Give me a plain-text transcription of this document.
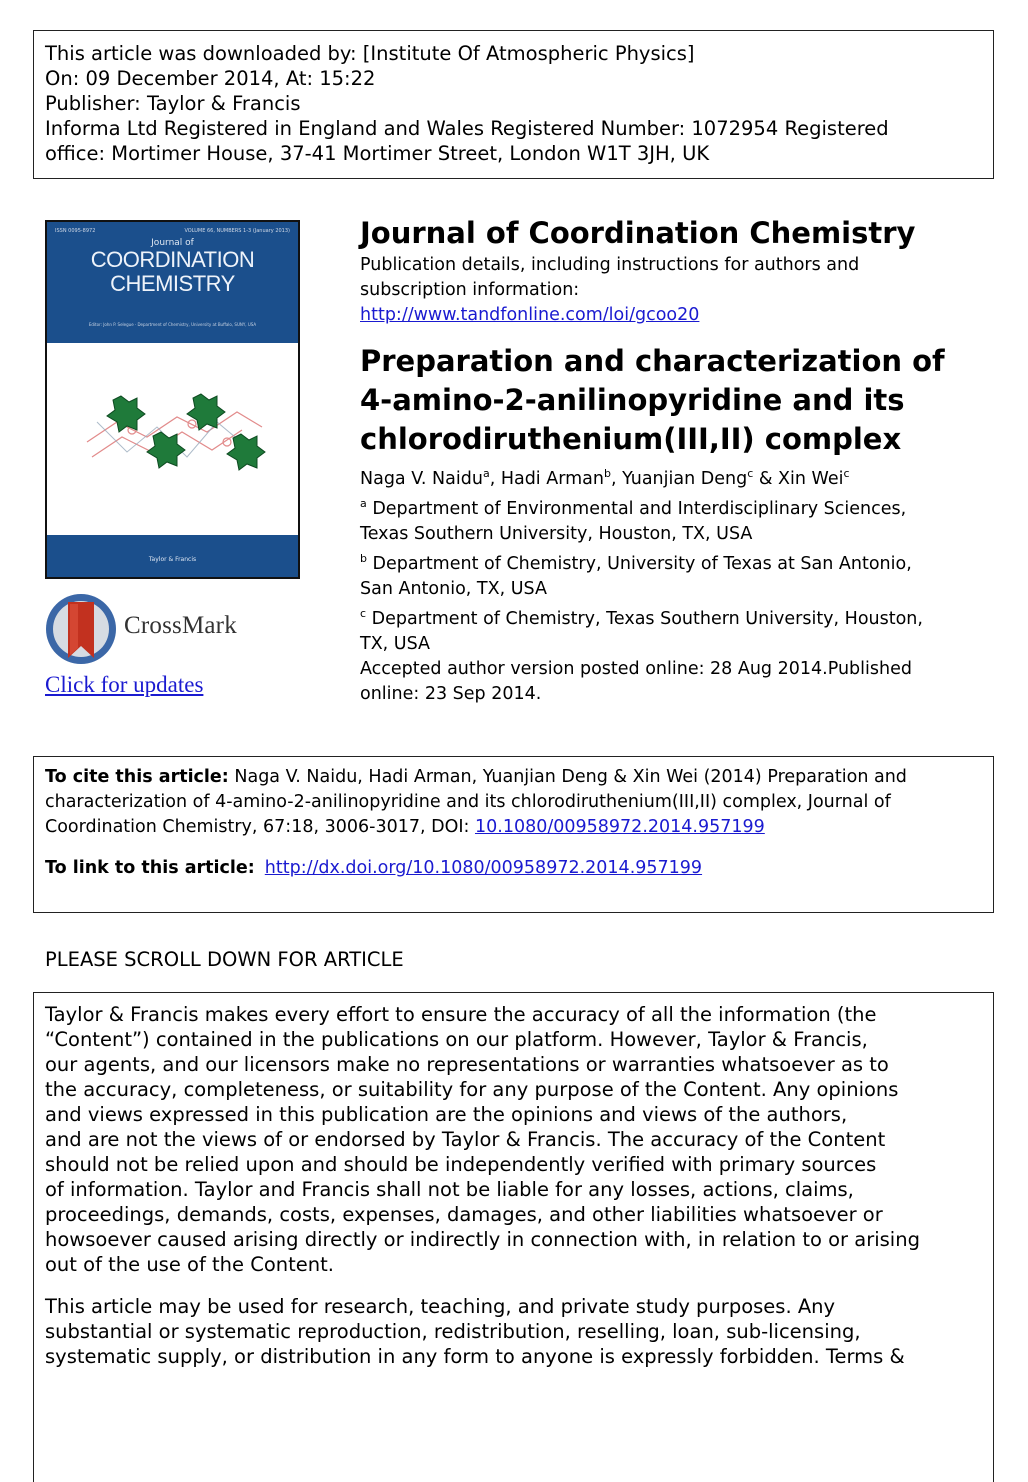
This article was downloaded by: [Institute Of Atmospheric Physics]
On: 09 December 2014, At: 15:22
Publisher: Taylor & Francis
Informa Ltd Registered in England and Wales Registered Number: 1072954 Registered
office: Mortimer House, 37-41 Mortimer Street, London W1T 3JH, UK
ISSN 0095-8972	VOLUME 66, NUMBERS 1-3 (January 2013)
Journal of
COORDINATION
CHEMISTRY
Editor: John P. Selegue · Department of Chemistry, University at Buffalo, SUNY, USA
Taylor & Francis
CrossMark
Click for updates
Journal of Coordination Chemistry
Publication details, including instructions for authors and
subscription information:
http://www.tandfonline.com/loi/gcoo20
Preparation and characterization of
4-amino-2-anilinopyridine and its
chlorodiruthenium(III,II) complex
Naga V. Naidu$^a$, Hadi Arman$^b$, Yuanjian Deng$^c$ & Xin Wei$^c$
$^a$ Department of Environmental and Interdisciplinary Sciences,
Texas Southern University, Houston, TX, USA
$^b$ Department of Chemistry, University of Texas at San Antonio,
San Antonio, TX, USA
$^c$ Department of Chemistry, Texas Southern University, Houston,
TX, USA
Accepted author version posted online: 28 Aug 2014.Published
online: 23 Sep 2014.
To cite this article: Naga V. Naidu, Hadi Arman, Yuanjian Deng & Xin Wei (2014) Preparation and
characterization of 4-amino-2-anilinopyridine and its chlorodiruthenium(III,II) complex, Journal of
Coordination Chemistry, 67:18, 3006-3017, DOI: 10.1080/00958972.2014.957199
To link to this article: http://dx.doi.org/10.1080/00958972.2014.957199
PLEASE SCROLL DOWN FOR ARTICLE

Taylor & Francis makes every effort to ensure the accuracy of all the information (the
“Content”) contained in the publications on our platform. However, Taylor & Francis,
our agents, and our licensors make no representations or warranties whatsoever as to
the accuracy, completeness, or suitability for any purpose of the Content. Any opinions
and views expressed in this publication are the opinions and views of the authors,
and are not the views of or endorsed by Taylor & Francis. The accuracy of the Content
should not be relied upon and should be independently verified with primary sources
of information. Taylor and Francis shall not be liable for any losses, actions, claims,
proceedings, demands, costs, expenses, damages, and other liabilities whatsoever or
howsoever caused arising directly or indirectly in connection with, in relation to or arising
out of the use of the Content.

This article may be used for research, teaching, and private study purposes. Any
substantial or systematic reproduction, redistribution, reselling, loan, sub-licensing,
systematic supply, or distribution in any form to anyone is expressly forbidden. Terms &
